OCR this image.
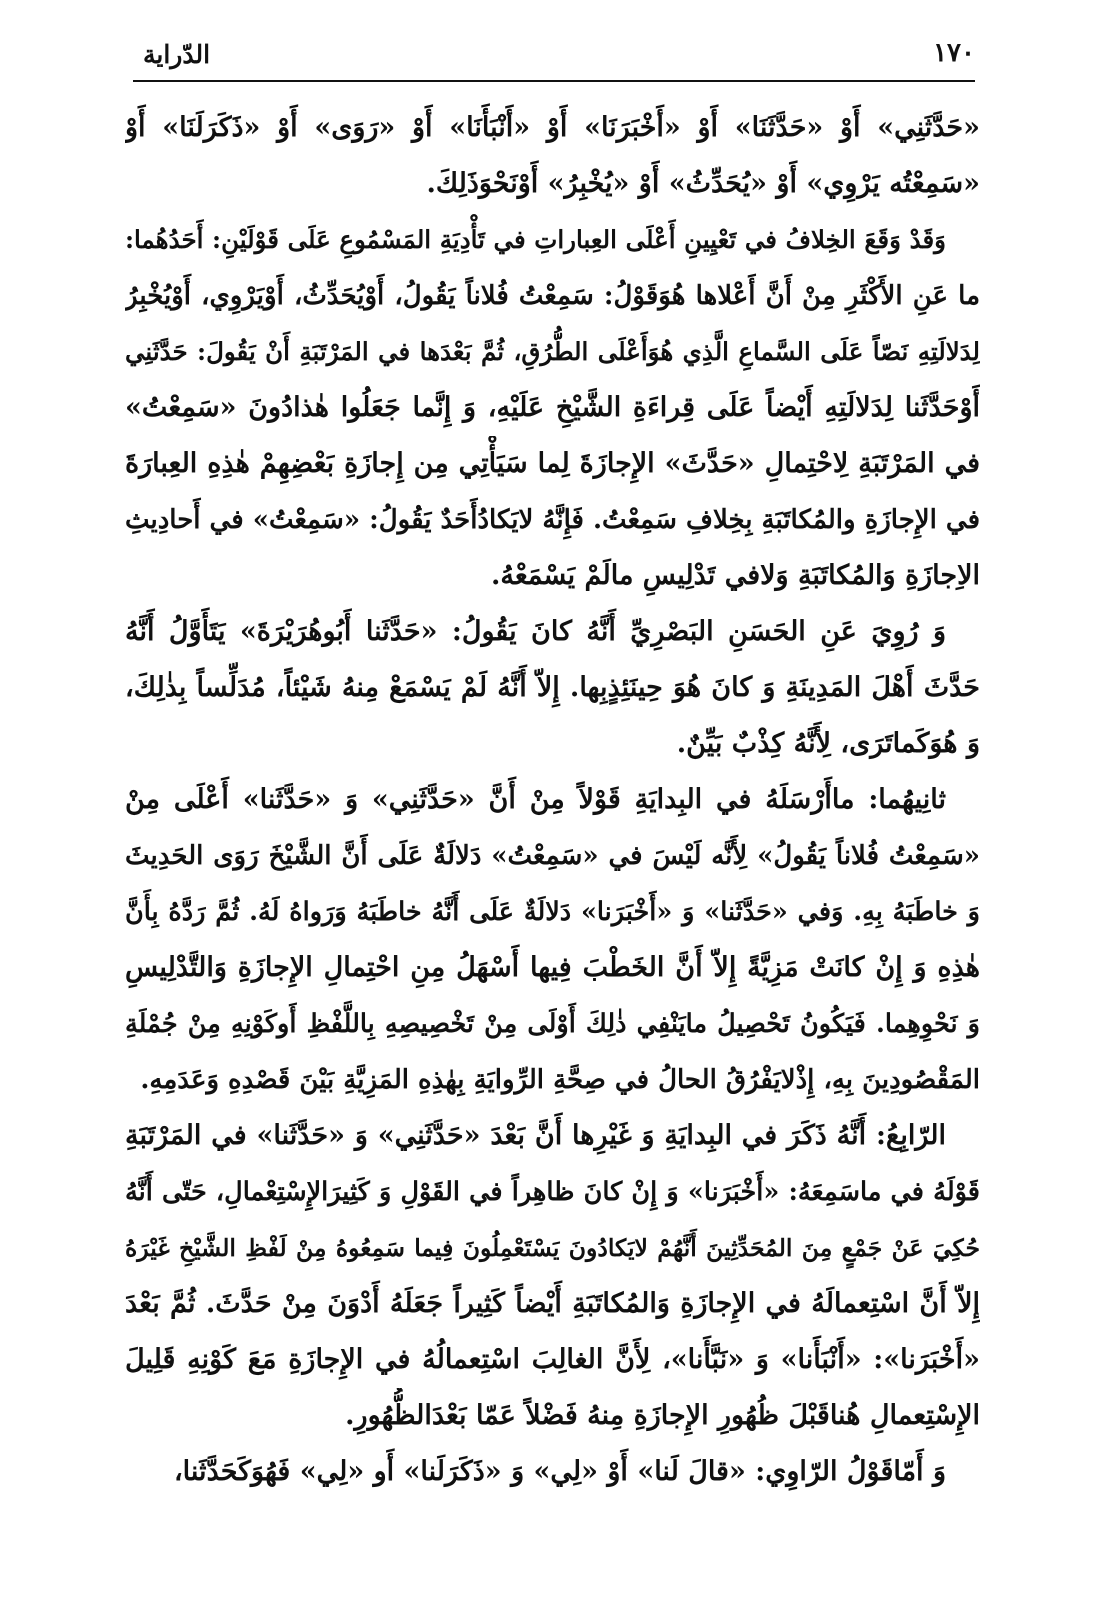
١٧٠
الدّراية
«حَدَّثَنِي» أَوْ «حَدَّثَنَا» أَوْ «أَخْبَرَنَا» أَوْ «أَنْبَأَنَا» أَوْ «رَوَى» أَوْ «ذَكَرَلَنَا» أَوْ
«سَمِعْتُه يَرْوِي» أَوْ «يُحَدِّثُ» أَوْ «يُخْبِرُ» أَوْنَحْوَذَلِكَ.
وَقَدْ وَقَعَ الخِلافُ في تَعْيِينِ أَعْلَى العِباراتِ في تَأْدِيَةِ المَسْمُوعِ عَلَى قَوْلَيْنِ: أَحَدُهُما:
ما عَنِ الأَكْثَرِ مِنْ أَنَّ أَعْلاها هُوَقَوْلُ: سَمِعْتُ فُلاناً يَقُولُ، أَوْيُحَدِّثُ، أَوْيَرْوِي، أَوْيُخْبِرُ
لِدَلالَتِهِ نَصّاً عَلَى السَّماعِ الَّذِي هُوَأَعْلَى الطُّرُقِ، ثُمَّ بَعْدَها في المَرْتَبَةِ أَنْ يَقُولَ: حَدَّثَنِي
أَوْحَدَّثَنا لِدَلالَتِهِ أَيْضاً عَلَى قِراءَةِ الشَّيْخِ عَلَيْهِ، وَ إِنَّما جَعَلُوا هٰذادُونَ «سَمِعْتُ»
في المَرْتَبَةِ لِاحْتِمالِ «حَدَّثَ» الإِجازَةَ لِما سَيَأْتِي مِن إِجازَةِ بَعْضِهِمْ هٰذِهِ العِبارَةَ
في الإِجازَةِ والمُكاتَبَةِ بِخِلافِ سَمِعْتُ. فَإِنَّهُ لايَكادُأَحَدٌ يَقُولُ: «سَمِعْتُ» في أَحادِيثِ
الاِجازَةِ وَالمُكاتَبَةِ وَلافي تَدْلِيسِ مالَمْ يَسْمَعْهُ.
وَ رُوِيَ عَنِ الحَسَنِ البَصْرِيِّ أَنَّهُ كانَ يَقُولُ: «حَدَّثَنا أَبُوهُرَيْرَةَ» يَتَأَوَّلُ أَنَّهُ
حَدَّثَ أَهْلَ المَدِينَةِ وَ كانَ هُوَ حِينَئِذٍبِها. إِلاّ أَنَّهُ لَمْ يَسْمَعْ مِنهُ شَيْئاً، مُدَلِّساً بِذٰلِكَ،
وَ هُوَكَماتَرَى، لِأَنَّهُ كِذْبٌ بَيِّنٌ.
ثانِيهُما: ماأَرْسَلَهُ في البِدايَةِ قَوْلاً مِنْ أَنَّ «حَدَّثَنِي» وَ «حَدَّثَنا» أَعْلَى مِنْ
«سَمِعْتُ فُلاناً يَقُولُ» لِأَنَّه لَيْسَ في «سَمِعْتُ» دَلالَةٌ عَلَى أَنَّ الشَّيْخَ رَوَى الحَدِيثَ
وَ خاطَبَهُ بِهِ. وَفي «حَدَّثَنا» وَ «أَخْبَرَنا» دَلالَةٌ عَلَى أَنَّهُ خاطَبَهُ وَرَواهُ لَهُ. ثُمَّ رَدَّهُ بِأَنَّ
هٰذِهِ وَ إِنْ كانَتْ مَزِيَّةً إِلاّ أَنَّ الخَطْبَ فِيها أَسْهَلُ مِنِ احْتِمالِ الإِجازَةِ وَالتَّدْلِيسِ
وَ نَحْوِهِما. فَيَكُونُ تَحْصِيلُ مايَنْفِي ذٰلِكَ أَوْلَى مِنْ تَخْصِيصِهِ بِاللَّفْظِ أَوكَوْنِهِ مِنْ جُمْلَةِ
المَقْصُودِينَ بِهِ، إِذْلايَفْرُقُ الحالُ في صِحَّةِ الرِّوايَةِ بِهٰذِهِ المَزِيَّةِ بَيْنَ قَصْدِهِ وَعَدَمِهِ.
الرّابِعُ: أَنَّهُ ذَكَرَ في البِدايَةِ وَ غَيْرِها أَنَّ بَعْدَ «حَدَّثَنِي» وَ «حَدَّثَنا» في المَرْتَبَةِ
قَوْلَهُ في ماسَمِعَهُ: «أَخْبَرَنا» وَ إِنْ كانَ ظاهِراً في القَوْلِ وَ كَثِيرَالإِسْتِعْمالِ، حَتّى أَنَّهُ
حُكِيَ عَنْ جَمْعٍ مِنَ المُحَدِّثِينَ أَنَّهُمْ لايَكادُونَ يَسْتَعْمِلُونَ فِيما سَمِعُوهُ مِنْ لَفْظِ الشَّيْخِ غَيْرَهُ
إِلاّ أَنَّ اسْتِعمالَهُ في الإِجازَةِ وَالمُكاتَبَةِ أَيْضاً كَثِيراً جَعَلَهُ أَدْوَنَ مِنْ حَدَّثَ. ثُمَّ بَعْدَ
«أَخْبَرَنا»: «أَنْبَأَنا» وَ «نَبَّأَنا»، لِأَنَّ الغالِبَ اسْتِعمالُهُ في الإِجازَةِ مَعَ كَوْنِهِ قَلِيلَ
الإِسْتِعمالِ هُناقَبْلَ ظُهُورِ الإِجازَةِ مِنهُ فَضْلاً عَمّا بَعْدَالظُّهُورِ.
وَ أَمّاقَوْلُ الرّاوِي: «قالَ لَنا» أَوْ «لِي» وَ «ذَكَرَلَنا» أَو «لِي» فَهُوَكَحَدَّثَنا،
